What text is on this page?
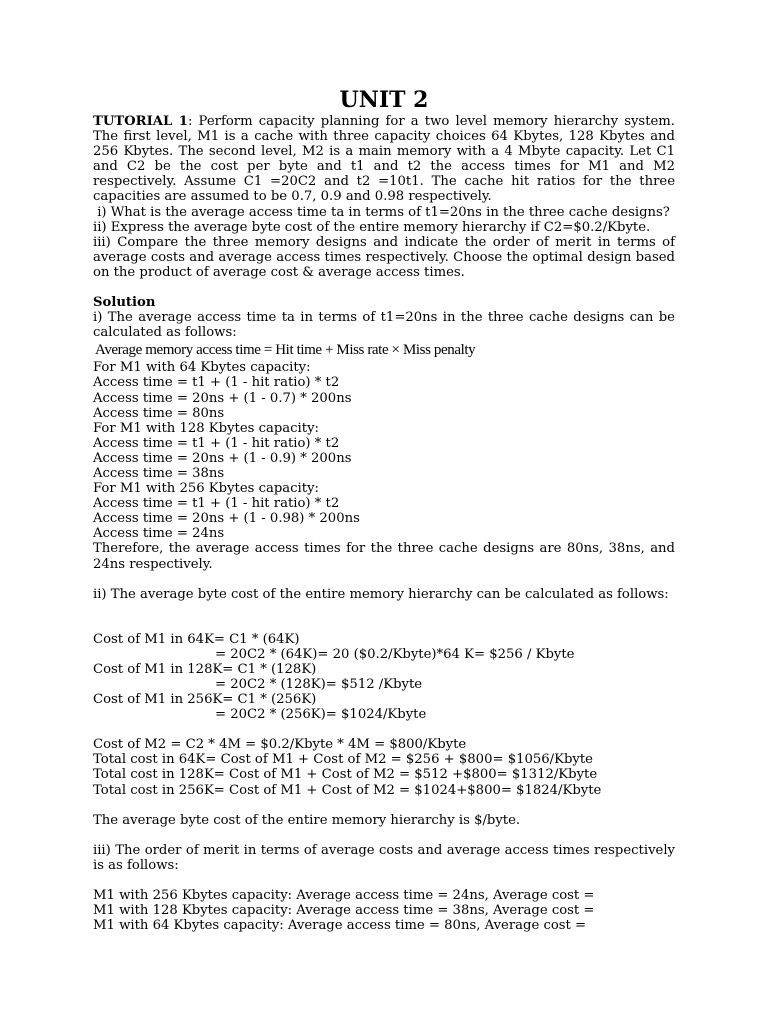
UNIT 2

TUTORIAL 1: Perform capacity planning for a two level memory hierarchy system. The first level, M1 is a cache with three capacity choices 64 Kbytes, 128 Kbytes and 256 Kbytes. The second level, M2 is a main memory with a 4 Mbyte capacity. Let C1 and C2 be the cost per byte and t1 and t2 the access times for M1 and M2 respectively. Assume C1 =20C2 and t2 =10t1. The cache hit ratios for the three capacities are assumed to be 0.7, 0.9 and 0.98 respectively.

i) What is the average access time ta in terms of t1=20ns in the three cache designs?

ii) Express the average byte cost of the entire memory hierarchy if C2=$0.2/Kbyte.

iii) Compare the three memory designs and indicate the order of merit in terms of average costs and average access times respectively. Choose the optimal design based on the product of average cost & average access times.

Solution

i) The average access time ta in terms of t1=20ns in the three cache designs can be calculated as follows:

Average memory access time = Hit time + Miss rate × Miss penalty
For M1 with 64 Kbytes capacity:
Access time = t1 + (1 - hit ratio) * t2
Access time = 20ns + (1 - 0.7) * 200ns
Access time = 80ns
For M1 with 128 Kbytes capacity:
Access time = t1 + (1 - hit ratio) * t2
Access time = 20ns + (1 - 0.9) * 200ns
Access time = 38ns
For M1 with 256 Kbytes capacity:
Access time = t1 + (1 - hit ratio) * t2
Access time = 20ns + (1 - 0.98) * 200ns
Access time = 24ns

Therefore, the average access times for the three cache designs are 80ns, 38ns, and 24ns respectively.

ii) The average byte cost of the entire memory hierarchy can be calculated as follows:

Cost of M1 in 64K= C1 * (64K)
= 20C2 * (64K)= 20 ($0.2/Kbyte)*64 K= $256 / Kbyte
Cost of M1 in 128K= C1 * (128K)
= 20C2 * (128K)= $512 /Kbyte
Cost of M1 in 256K= C1 * (256K)
= 20C2 * (256K)= $1024/Kbyte
Cost of M2 = C2 * 4M = $0.2/Kbyte * 4M = $800/Kbyte
Total cost in 64K= Cost of M1 + Cost of M2 = $256 + $800= $1056/Kbyte
Total cost in 128K= Cost of M1 + Cost of M2 = $512 +$800= $1312/Kbyte
Total cost in 256K= Cost of M1 + Cost of M2 = $1024+$800= $1824/Kbyte

The average byte cost of the entire memory hierarchy is $/byte.

iii) The order of merit in terms of average costs and average access times respectively is as follows:

M1 with 256 Kbytes capacity: Average access time = 24ns, Average cost =
M1 with 128 Kbytes capacity: Average access time = 38ns, Average cost =
M1 with 64 Kbytes capacity: Average access time = 80ns, Average cost =
